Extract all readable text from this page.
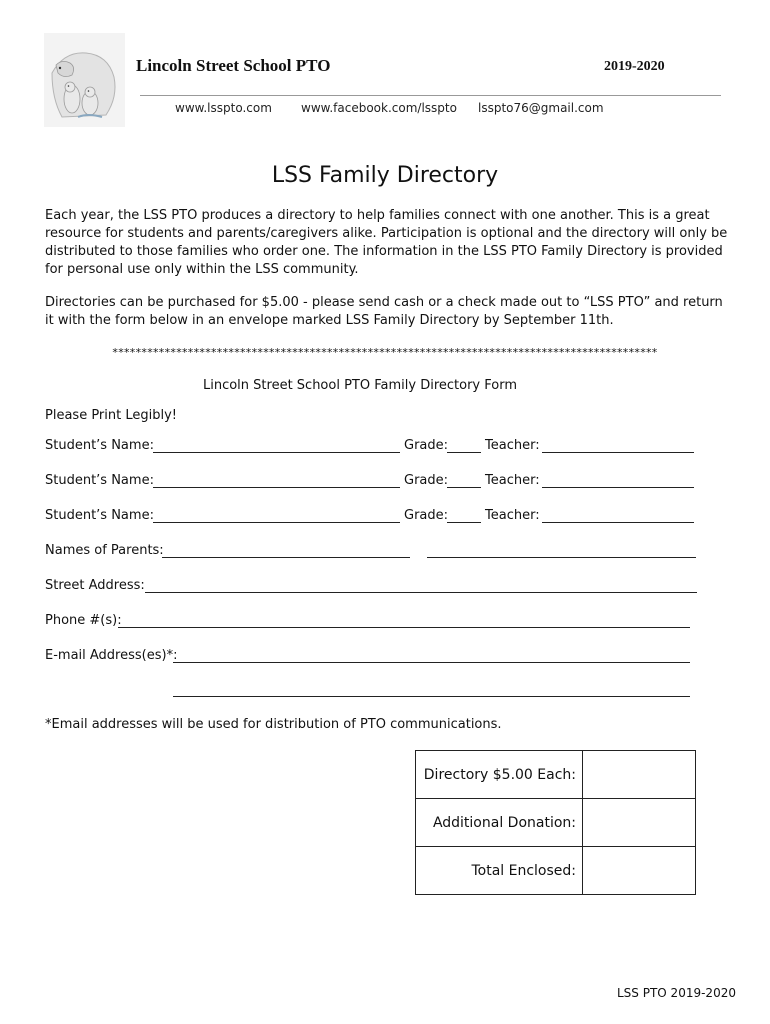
Lincoln Street School PTO	2019-2020
www.lsspto.com www.facebook.com/lsspto lsspto76@gmail.com
LSS Family Directory

Each year, the LSS PTO produces a directory to help families connect with one another. This is a great resource for students and parents/caregivers alike. Participation is optional and the directory will only be distributed to those families who order one. The information in the LSS PTO Family Directory is provided for personal use only within the LSS community.

Directories can be purchased for $5.00 - please send cash or a check made out to “LSS PTO” and return it with the form below in an envelope marked LSS Family Directory by September 11th.

**********************************************************************************************
Lincoln Street School PTO Family Directory Form
Please Print Legibly!
Student’s Name:	Grade:	Teacher:
Student’s Name:	Grade:	Teacher:
Student’s Name:	Grade:	Teacher:
Names of Parents:
Street Address:
Phone #(s):
E-mail Address(es)*:
*Email addresses will be used for distribution of PTO communications.
Directory $5.00 Each:	
Additional Donation:	
Total Enclosed:	
LSS PTO 2019-2020
